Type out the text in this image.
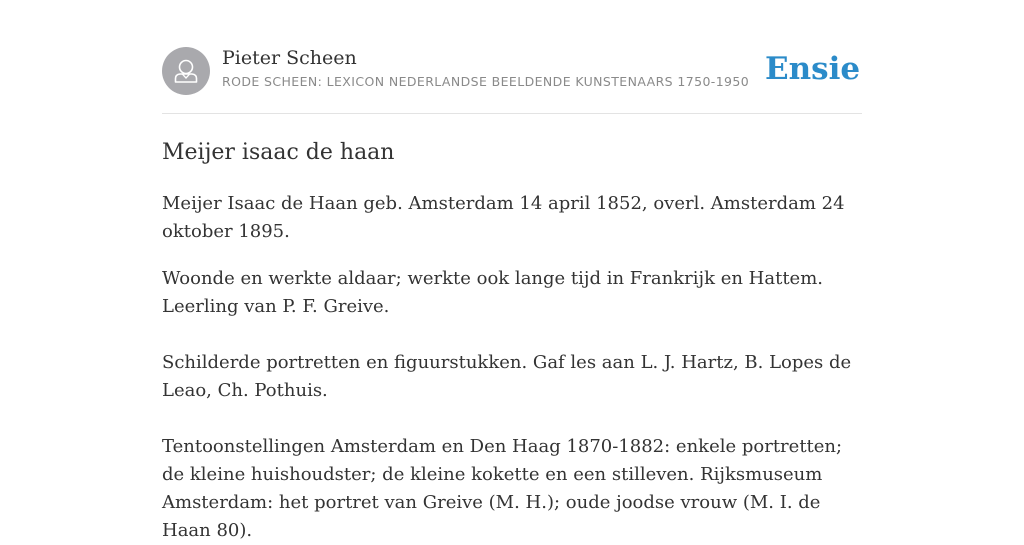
Pieter Scheen
RODE SCHEEN: LEXICON NEDERLANDSE BEELDENDE KUNSTENAARS 1750-1950 Ensie
Meijer isaac de haan

Meijer Isaac de Haan geb. Amsterdam 14 april 1852, overl. Amsterdam 24 oktober 1895.

Woonde en werkte aldaar; werkte ook lange tijd in Frankrijk en Hattem. Leerling van P. F. Greive.

Schilderde portretten en figuurstukken. Gaf les aan L. J. Hartz, B. Lopes de Leao, Ch. Pothuis.

Tentoonstellingen Amsterdam en Den Haag 1870-1882: enkele portretten; de kleine huishoudster; de kleine kokette en een stilleven. Rijksmuseum Amsterdam: het portret van Greive (M. H.); oude joodse vrouw (M. I. de Haan 80).
